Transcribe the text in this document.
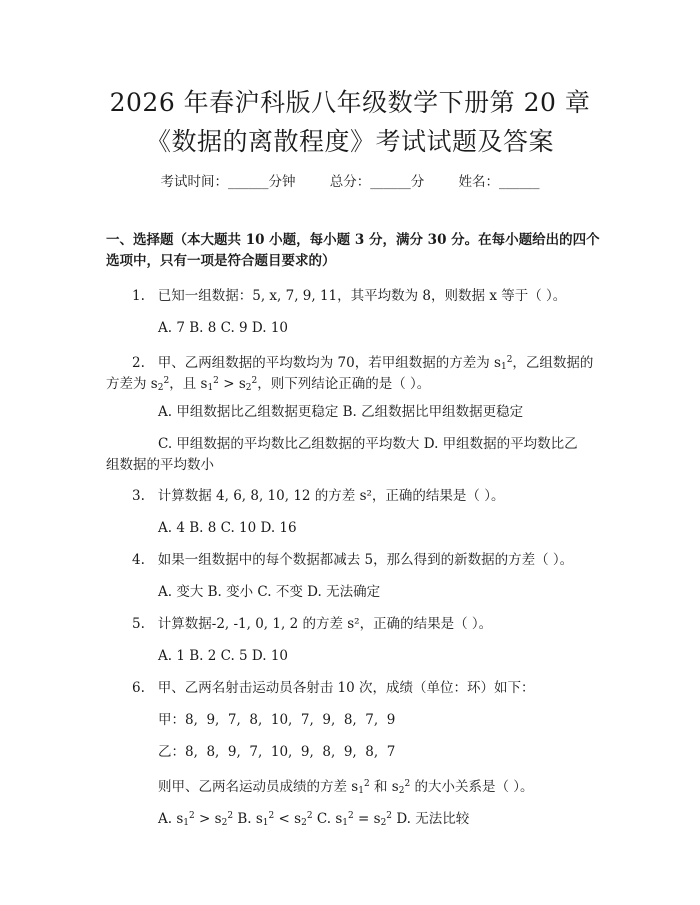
2026 年春沪科版八年级数学下册第 20 章
《数据的离散程度》考试试题及答案
考试时间：______分钟	总分：______分	姓名：______
一、选择题（本大题共 10 小题，每小题 3 分，满分 30 分。在每小题给出的四个
选项中，只有一项是符合题目要求的）
1.   已知一组数据：5, x, 7, 9, 11，其平均数为 8，则数据 x 等于（ ）。
A. 7 B. 8 C. 9 D. 10
2.   甲、乙两组数据的平均数均为 70，若甲组数据的方差为 $s_1^2$，乙组数据的
方差为 $s_2^2$，且 $s_1^2 > s_2^2$，则下列结论正确的是（ ）。
A. 甲组数据比乙组数据更稳定 B. 乙组数据比甲组数据更稳定
C. 甲组数据的平均数比乙组数据的平均数大 D. 甲组数据的平均数比乙
组数据的平均数小
3.   计算数据 4, 6, 8, 10, 12 的方差 s²，正确的结果是（ ）。
A. 4 B. 8 C. 10 D. 16
4.   如果一组数据中的每个数据都减去 5，那么得到的新数据的方差（ ）。
A. 变大 B. 变小 C. 不变 D. 无法确定
5.   计算数据-2, -1, 0, 1, 2 的方差 s²，正确的结果是（ ）。
A. 1 B. 2 C. 5 D. 10
6.   甲、乙两名射击运动员各射击 10 次，成绩（单位：环）如下：
甲：8,  9,  7,  8,  10,  7,  9,  8,  7,  9
乙：8,  8,  9,  7,  10,  9,  8,  9,  8,  7
则甲、乙两名运动员成绩的方差 $s_1^2$ 和 $s_2^2$ 的大小关系是（ ）。
A. $s_1^2 > s_2^2$ B. $s_1^2 < s_2^2$ C. $s_1^2 = s_2^2$ D. 无法比较
